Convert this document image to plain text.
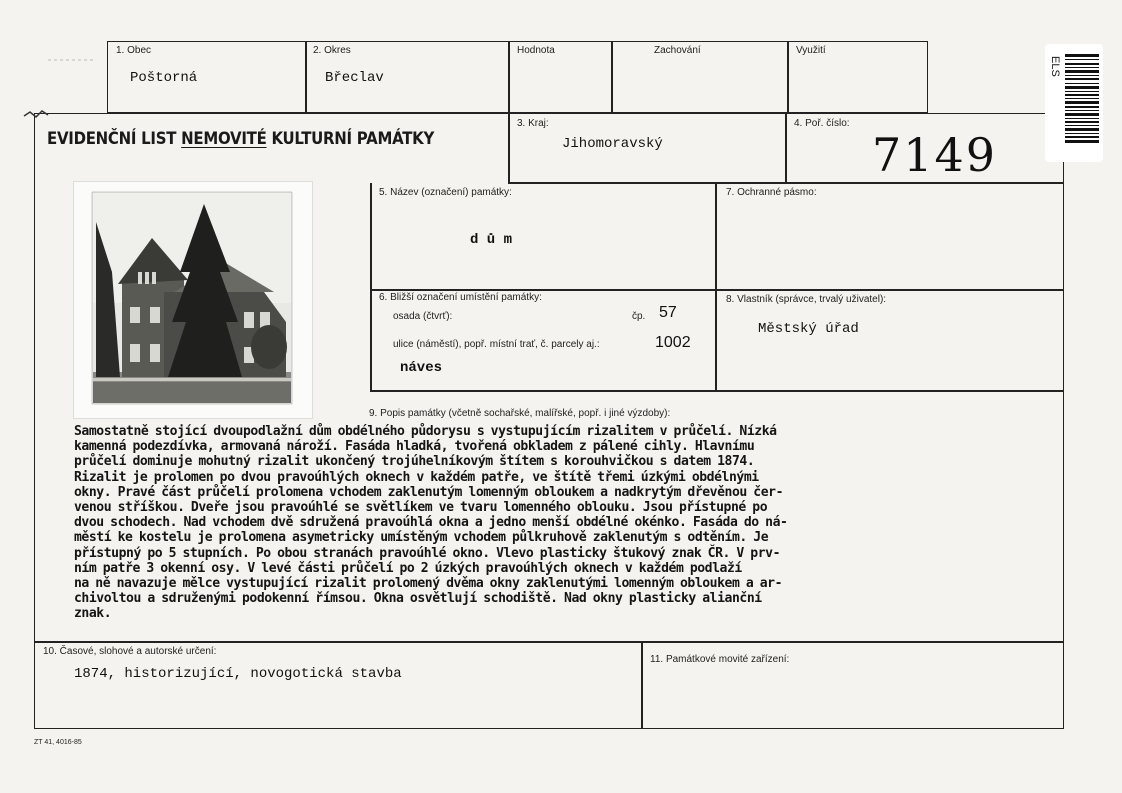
1. Obec
Poštorná
2. Okres
Břeclav
Hodnota	Zachování	Využití
EVIDENČNÍ LIST NEMOVITÉ KULTURNÍ PAMÁTKY
3. Kraj:
Jihomoravský
4. Poř. číslo:
7149
5. Název (označení) památky:
d ů m
7. Ochranné pásmo:
6. Bližší označení umístění památky:
osada (čtvrť):	čp. 57
ulice (náměstí), popř. místní trať, č. parcely aj.:	1002
náves
8. Vlastník (správce, trvalý uživatel):
Městský úřad
9. Popis památky (včetně sochařské, malířské, popř. i jiné výzdoby):
Samostatně stojící dvoupodlažní dům obdélného půdorysu s vystupujícím rizalitem v průčelí. Nízká
kamenná podezdívka, armovaná nároží. Fasáda hladká, tvořená obkladem z pálené cihly. Hlavnímu
průčelí dominuje mohutný rizalit ukončený trojúhelníkovým štítem s korouhvičkou s datem 1874.
Rizalit je prolomen po dvou pravoúhlých oknech v každém patře, ve štítě třemi úzkými obdélnými
okny. Pravé část průčelí prolomena vchodem zaklenutým lomenným obloukem a nadkrytým dřevěnou čer-
venou stříškou. Dveře jsou pravoúhlé se světlíkem ve tvaru lomenného oblouku. Jsou přístupné po
dvou schodech. Nad vchodem dvě sdružená pravoúhlá okna a jedno menší obdélné okénko. Fasáda do ná-
městí ke kostelu je prolomena asymetricky umístěným vchodem půlkruhově zaklenutým s odtěním. Je
přístupný po 5 stupních. Po obou stranách pravoúhlé okno. Vlevo plasticky štukový znak ČR. V prv-
ním patře 3 okenní osy. V levé části průčelí po 2 úzkých pravoúhlých oknech v každém podlaží
na ně navazuje mělce vystupující rizalit prolomený dvěma okny zaklenutými lomenným obloukem a ar-
chivoltou a sdruženými podokenní římsou. Okna osvětlují schodiště. Nad okny plasticky alianční
znak.
10. Časové, slohové a autorské určení:
1874, historizující, novogotická stavba
11. Památkové movité zařízení:
ZT 41, 4016-85
ELS
